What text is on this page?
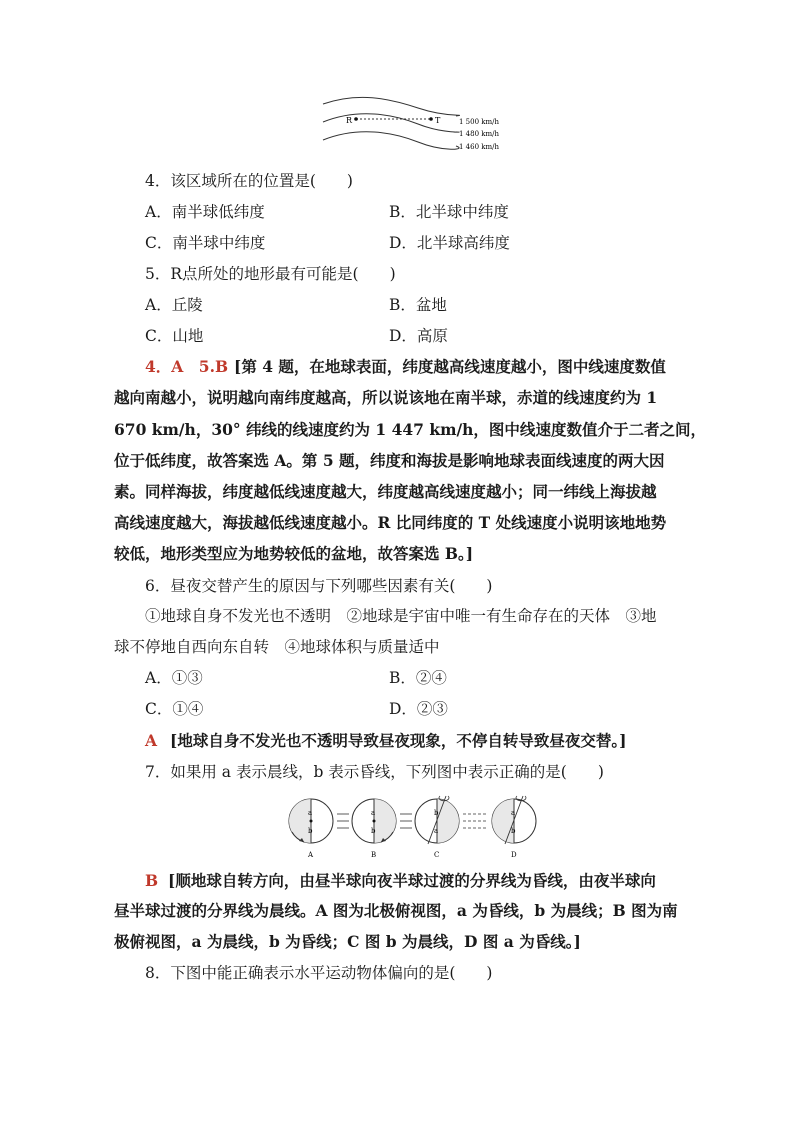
R	T	1 500 km/h
1 480 km/h
1 460 km/h
4．该区域所在的位置是(　　)
A．南半球低纬度	B．北半球中纬度
C．南半球中纬度	D．北半球高纬度
5．R点所处的地形最有可能是(　　)
A．丘陵	B．盆地
C．山地	D．高原
4．A　5.B [第 4 题，在地球表面，纬度越高线速度越小，图中线速度数值
越向南越小，说明越向南纬度越高，所以说该地在南半球，赤道的线速度约为 1
670 km/h，30° 纬线的线速度约为 1 447 km/h，图中线速度数值介于二者之间，
位于低纬度，故答案选 A。第 5 题，纬度和海拔是影响地球表面线速度的两大因
素。同样海拔，纬度越低线速度越大，纬度越高线速度越小；同一纬线上海拔越
高线速度越大，海拔越低线速度越小。R 比同纬度的 T 处线速度小说明该地地势
较低，地形类型应为地势较低的盆地，故答案选 B。]
6．昼夜交替产生的原因与下列哪些因素有关(　　)
①地球自身不发光也不透明　②地球是宇宙中唯一有生命存在的天体　③地
球不停地自西向东自转　④地球体积与质量适中
A．①③	B．②④
C．①④	D．②③
A [地球自身不发光也不透明导致昼夜现象，不停自转导致昼夜交替。]
7．如果用 a 表示晨线，b 表示昏线，下列图中表示正确的是(　　)
a
b
A
a
b
B
b
a
C
a
b
D
B [顺地球自转方向，由昼半球向夜半球过渡的分界线为昏线，由夜半球向
昼半球过渡的分界线为晨线。A 图为北极俯视图，a 为昏线，b 为晨线；B 图为南
极俯视图，a 为晨线，b 为昏线；C 图 b 为晨线，D 图 a 为昏线。]
8．下图中能正确表示水平运动物体偏向的是(　　)
